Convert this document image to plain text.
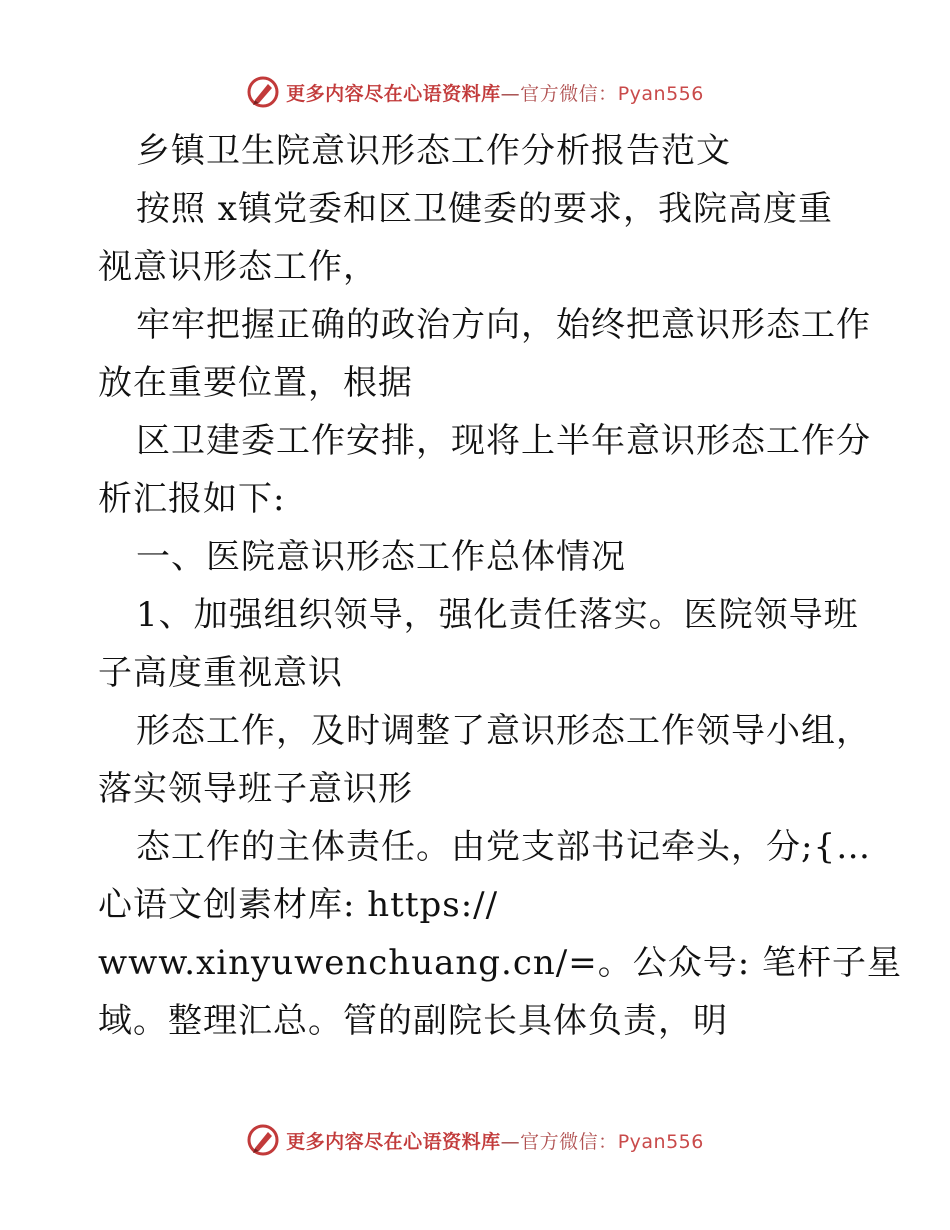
更多内容尽在心语资料库—官方微信：Pyan556
乡镇卫生院意识形态工作分析报告范文
按照 x镇党委和区卫健委的要求，我院高度重
视意识形态工作，
牢牢把握正确的政治方向，始终把意识形态工作
放在重要位置，根据
区卫建委工作安排，现将上半年意识形态工作分
析汇报如下:
一、医院意识形态工作总体情况
1、加强组织领导，强化责任落实。医院领导班
子高度重视意识
形态工作，及时调整了意识形态工作领导小组，
落实领导班子意识形
态工作的主体责任。由党支部书记牵头，分;{…
心语文创素材库: https://
www.xinyuwenchuang.cn/=。公众号: 笔杆子星
域。整理汇总。管的副院长具体负责，明
更多内容尽在心语资料库—官方微信：Pyan556
